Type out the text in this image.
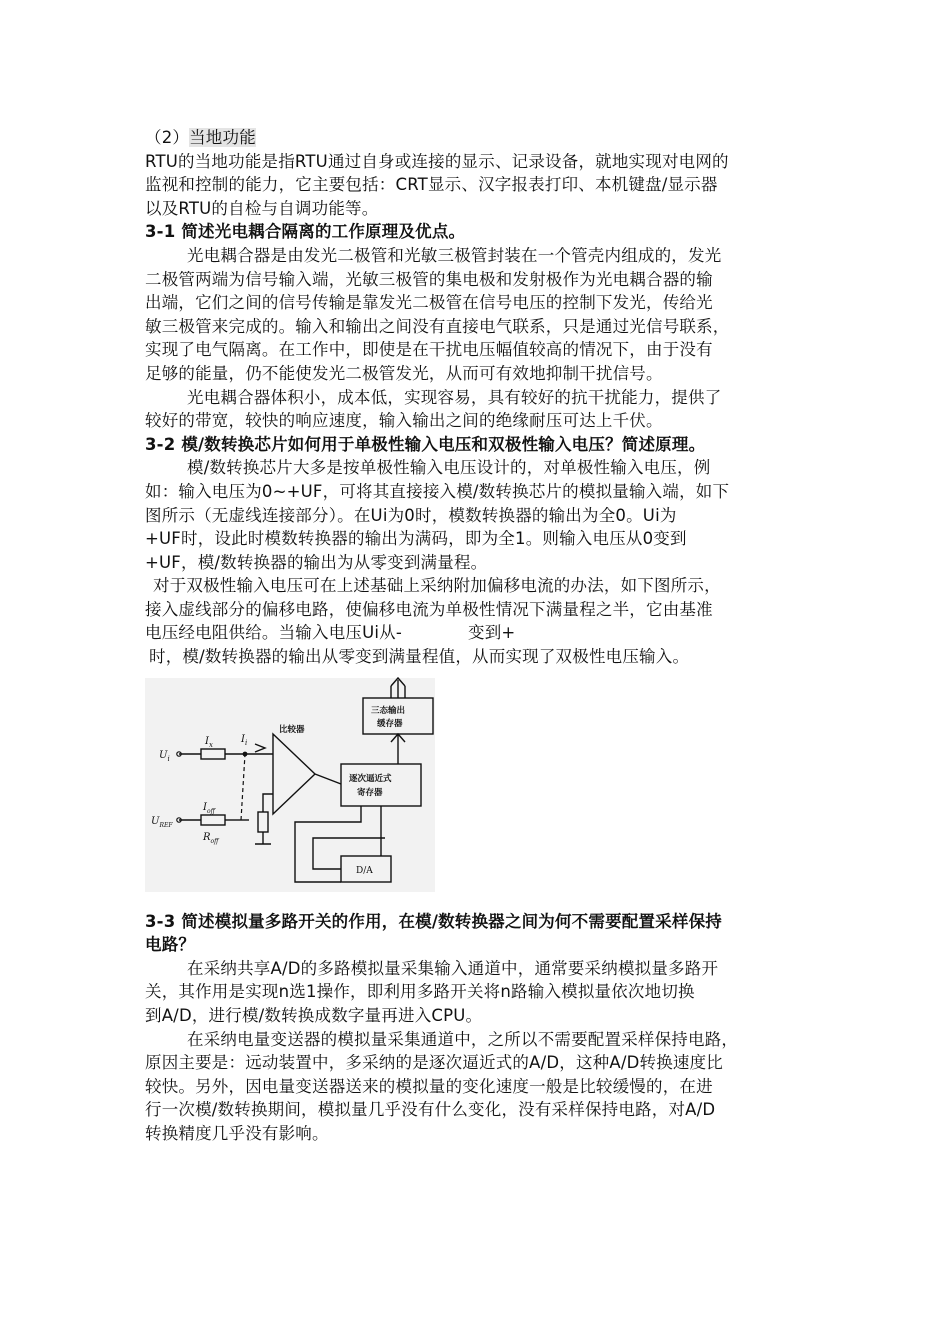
（2）当地功能
RTU的当地功能是指RTU通过自身或连接的显示、记录设备，就地实现对电网的
监视和控制的能力，它主要包括：CRT显示、汉字报表打印、本机键盘/显示器
以及RTU的自检与自调功能等。
3-1 简述光电耦合隔离的工作原理及优点。
光电耦合器是由发光二极管和光敏三极管封装在一个管壳内组成的，发光
二极管两端为信号输入端，光敏三极管的集电极和发射极作为光电耦合器的输
出端，它们之间的信号传输是靠发光二极管在信号电压的控制下发光，传给光
敏三极管来完成的。输入和输出之间没有直接电气联系，只是通过光信号联系，
实现了电气隔离。在工作中，即使是在干扰电压幅值较高的情况下，由于没有
足够的能量，仍不能使发光二极管发光，从而可有效地抑制干扰信号。
光电耦合器体积小，成本低，实现容易，具有较好的抗干扰能力，提供了
较好的带宽，较快的响应速度，输入输出之间的绝缘耐压可达上千伏。
3-2 模/数转换芯片如何用于单极性输入电压和双极性输入电压？简述原理。
模/数转换芯片大多是按单极性输入电压设计的，对单极性输入电压，例
如：输入电压为0~+UF，可将其直接接入模/数转换芯片的模拟量输入端，如下
图所示（无虚线连接部分）。在Ui为0时，模数转换器的输出为全0。Ui为
+UF时，设此时模数转换器的输出为满码，即为全1。则输入电压从0变到
+UF，模/数转换器的输出为从零变到满量程。
对于双极性输入电压可在上述基础上采纳附加偏移电流的办法，如下图所示，
接入虚线部分的偏移电路，使偏移电流为单极性情况下满量程之半，它由基准
电压经电阻供给。当输入电压Ui从-	变到+
时，模/数转换器的输出从零变到满量程值，从而实现了双极性电压输入。
三态输出
缓存器
逐次逼近式
寄存器
比较器
D/A
$U_i$
$U_{REF}$
$I_x$	$I_i$
$I_{off}$
$R_{off}$
3-3 简述模拟量多路开关的作用，在模/数转换器之间为何不需要配置采样保持
电路？
在采纳共享A/D的多路模拟量采集输入通道中，通常要采纳模拟量多路开
关，其作用是实现n选1操作，即利用多路开关将n路输入模拟量依次地切换
到A/D，进行模/数转换成数字量再进入CPU。
在采纳电量变送器的模拟量采集通道中，之所以不需要配置采样保持电路，
原因主要是：远动装置中，多采纳的是逐次逼近式的A/D，这种A/D转换速度比
较快。另外，因电量变送器送来的模拟量的变化速度一般是比较缓慢的，在进
行一次模/数转换期间，模拟量几乎没有什么变化，没有采样保持电路，对A/D
转换精度几乎没有影响。
